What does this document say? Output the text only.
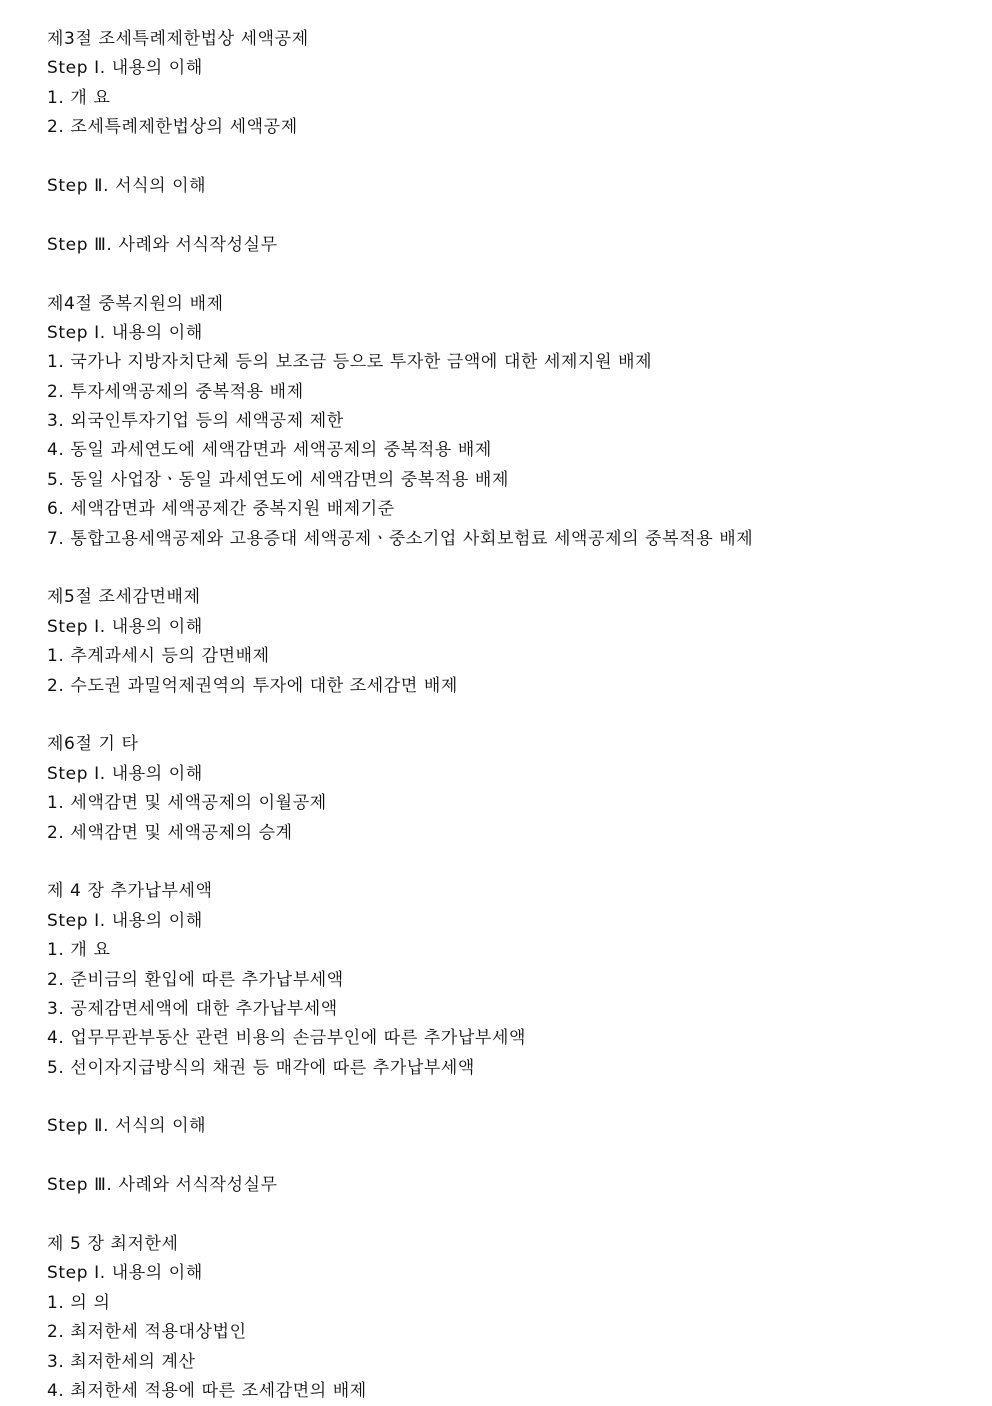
제3절 조세특례제한법상 세액공제
Step Ⅰ. 내용의 이해
1. 개 요
2. 조세특례제한법상의 세액공제
Step Ⅱ. 서식의 이해
Step Ⅲ. 사례와 서식작성실무
제4절 중복지원의 배제
Step Ⅰ. 내용의 이해
1. 국가나 지방자치단체 등의 보조금 등으로 투자한 금액에 대한 세제지원 배제
2. 투자세액공제의 중복적용 배제
3. 외국인투자기업 등의 세액공제 제한
4. 동일 과세연도에 세액감면과 세액공제의 중복적용 배제
5. 동일 사업장ㆍ동일 과세연도에 세액감면의 중복적용 배제
6. 세액감면과 세액공제간 중복지원 배제기준
7. 통합고용세액공제와 고용증대 세액공제ㆍ중소기업 사회보험료 세액공제의 중복적용 배제
제5절 조세감면배제
Step Ⅰ. 내용의 이해
1. 추계과세시 등의 감면배제
2. 수도권 과밀억제권역의 투자에 대한 조세감면 배제
제6절 기 타
Step Ⅰ. 내용의 이해
1. 세액감면 및 세액공제의 이월공제
2. 세액감면 및 세액공제의 승계
제 4 장 추가납부세액
Step Ⅰ. 내용의 이해
1. 개 요
2. 준비금의 환입에 따른 추가납부세액
3. 공제감면세액에 대한 추가납부세액
4. 업무무관부동산 관련 비용의 손금부인에 따른 추가납부세액
5. 선이자지급방식의 채권 등 매각에 따른 추가납부세액
Step Ⅱ. 서식의 이해
Step Ⅲ. 사례와 서식작성실무
제 5 장 최저한세
Step Ⅰ. 내용의 이해
1. 의 의
2. 최저한세 적용대상법인
3. 최저한세의 계산
4. 최저한세 적용에 따른 조세감면의 배제
